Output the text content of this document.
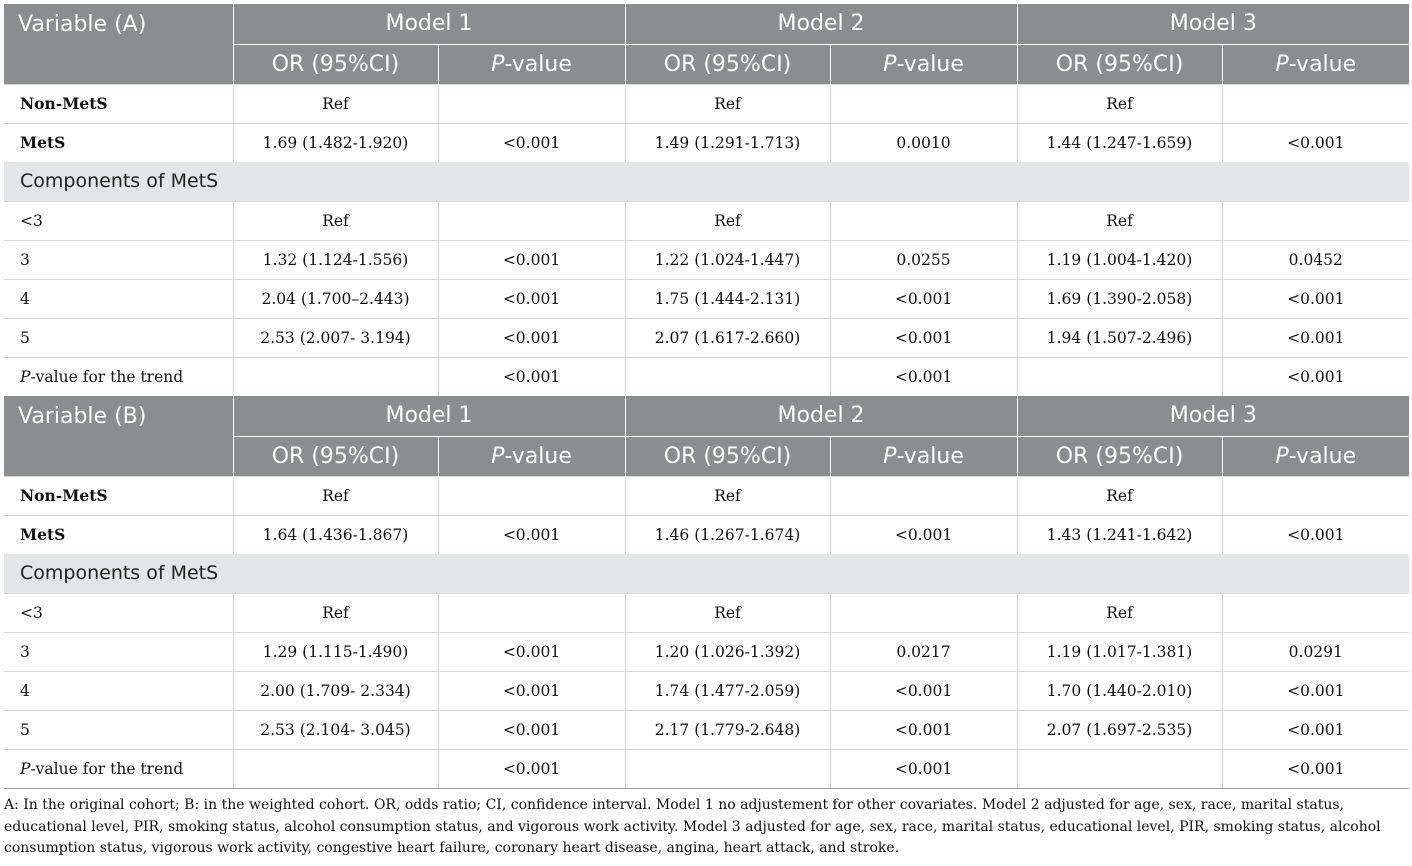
Variable (A)	Model 1		Model 2		Model 3	
	OR (95%CI)	P-value	OR (95%CI)	P-value	OR (95%CI)	P-value
Non-MetS	Ref		Ref		Ref	
MetS	1.69 (1.482-1.920)	<0.001	1.49 (1.291-1.713)	0.0010	1.44 (1.247-1.659)	<0.001
Components of MetS						
<3	Ref		Ref		Ref	
3	1.32 (1.124-1.556)	<0.001	1.22 (1.024-1.447)	0.0255	1.19 (1.004-1.420)	0.0452
4	2.04 (1.700–2.443)	<0.001	1.75 (1.444-2.131)	<0.001	1.69 (1.390-2.058)	<0.001
5	2.53 (2.007- 3.194)	<0.001	2.07 (1.617-2.660)	<0.001	1.94 (1.507-2.496)	<0.001
P-value for the trend		<0.001		<0.001		<0.001
Variable (B)	Model 1		Model 2		Model 3	
	OR (95%CI)	P-value	OR (95%CI)	P-value	OR (95%CI)	P-value
Non-MetS	Ref		Ref		Ref	
MetS	1.64 (1.436-1.867)	<0.001	1.46 (1.267-1.674)	<0.001	1.43 (1.241-1.642)	<0.001
Components of MetS						
<3	Ref		Ref		Ref	
3	1.29 (1.115-1.490)	<0.001	1.20 (1.026-1.392)	0.0217	1.19 (1.017-1.381)	0.0291
4	2.00 (1.709- 2.334)	<0.001	1.74 (1.477-2.059)	<0.001	1.70 (1.440-2.010)	<0.001
5	2.53 (2.104- 3.045)	<0.001	2.17 (1.779-2.648)	<0.001	2.07 (1.697-2.535)	<0.001
P-value for the trend		<0.001		<0.001		<0.001
A: In the original cohort; B: in the weighted cohort. OR, odds ratio; CI, confidence interval. Model 1 no adjustement for other covariates. Model 2 adjusted for age, sex, race, marital status, educational level, PIR, smoking status, alcohol consumption status, and vigorous work activity. Model 3 adjusted for age, sex, race, marital status, educational level, PIR, smoking status, alcohol consumption status, vigorous work activity, congestive heart failure, coronary heart disease, angina, heart attack, and stroke.
